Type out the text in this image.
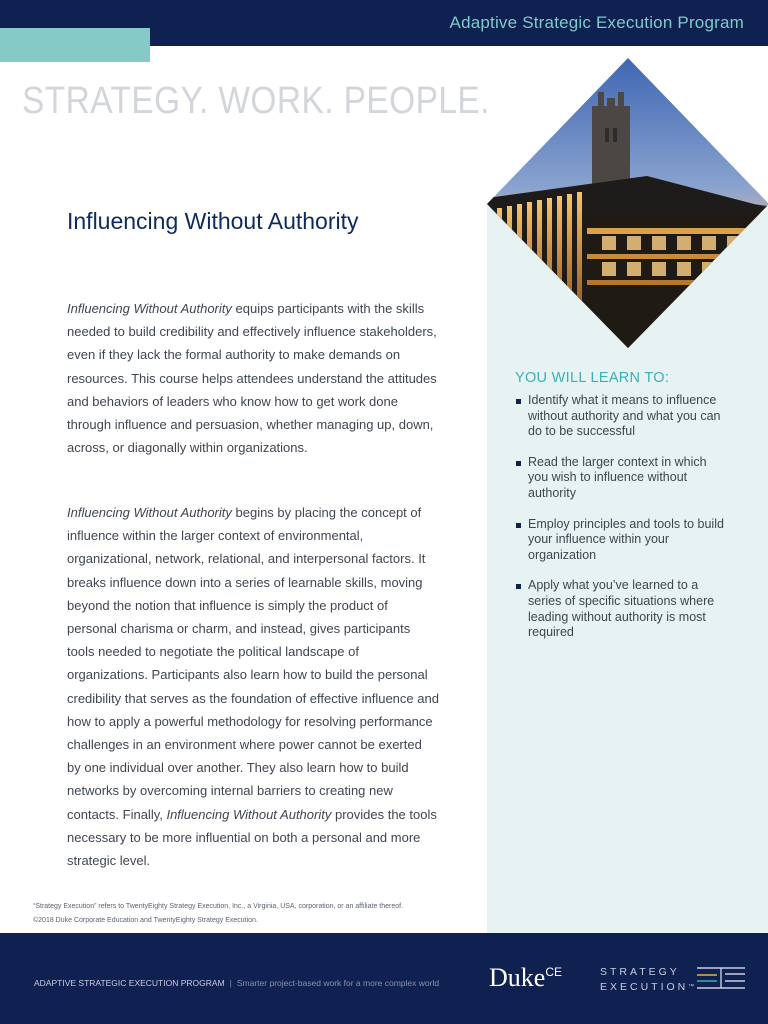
Adaptive Strategic Execution Program
STRATEGY. WORK. PEOPLE.
Influencing Without Authority

Influencing Without Authority equips participants with the skills needed to build credibility and effectively influence stakeholders, even if they lack the formal authority to make demands on resources. This course helps attendees understand the attitudes and behaviors of leaders who know how to get work done through influence and persuasion, whether managing up, down, across, or diagonally within organizations.

Influencing Without Authority begins by placing the concept of influence within the larger context of environmental, organizational, network, relational, and interpersonal factors. It breaks influence down into a series of learnable skills, moving beyond the notion that influence is simply the product of personal charisma or charm, and instead, gives participants tools needed to negotiate the political landscape of organizations. Participants also learn how to build the personal credibility that serves as the foundation of effective influence and how to apply a powerful methodology for resolving performance challenges in an environment where power cannot be exerted by one individual over another. They also learn how to build networks by overcoming internal barriers to creating new contacts. Finally, Influencing Without Authority provides the tools necessary to be more influential on both a personal and more strategic level.

YOU WILL LEARN TO:
Identify what it means to influence without authority and what you can do to be successful
Read the larger context in which you wish to influence without authority
Employ principles and tools to build your influence within your organization
Apply what you’ve learned to a series of specific situations where leading without authority is most required
“Strategy Execution” refers to TwentyEighty Strategy Execution, Inc., a Virginia, USA, corporation, or an affiliate thereof.
©2018 Duke Corporate Education and TwentyEighty Strategy Execution.
ADAPTIVE STRATEGIC EXECUTION PROGRAM | Smarter project-based work for a more complex world Duke$^{CE}$	STRATEGY
EXECUTION™
